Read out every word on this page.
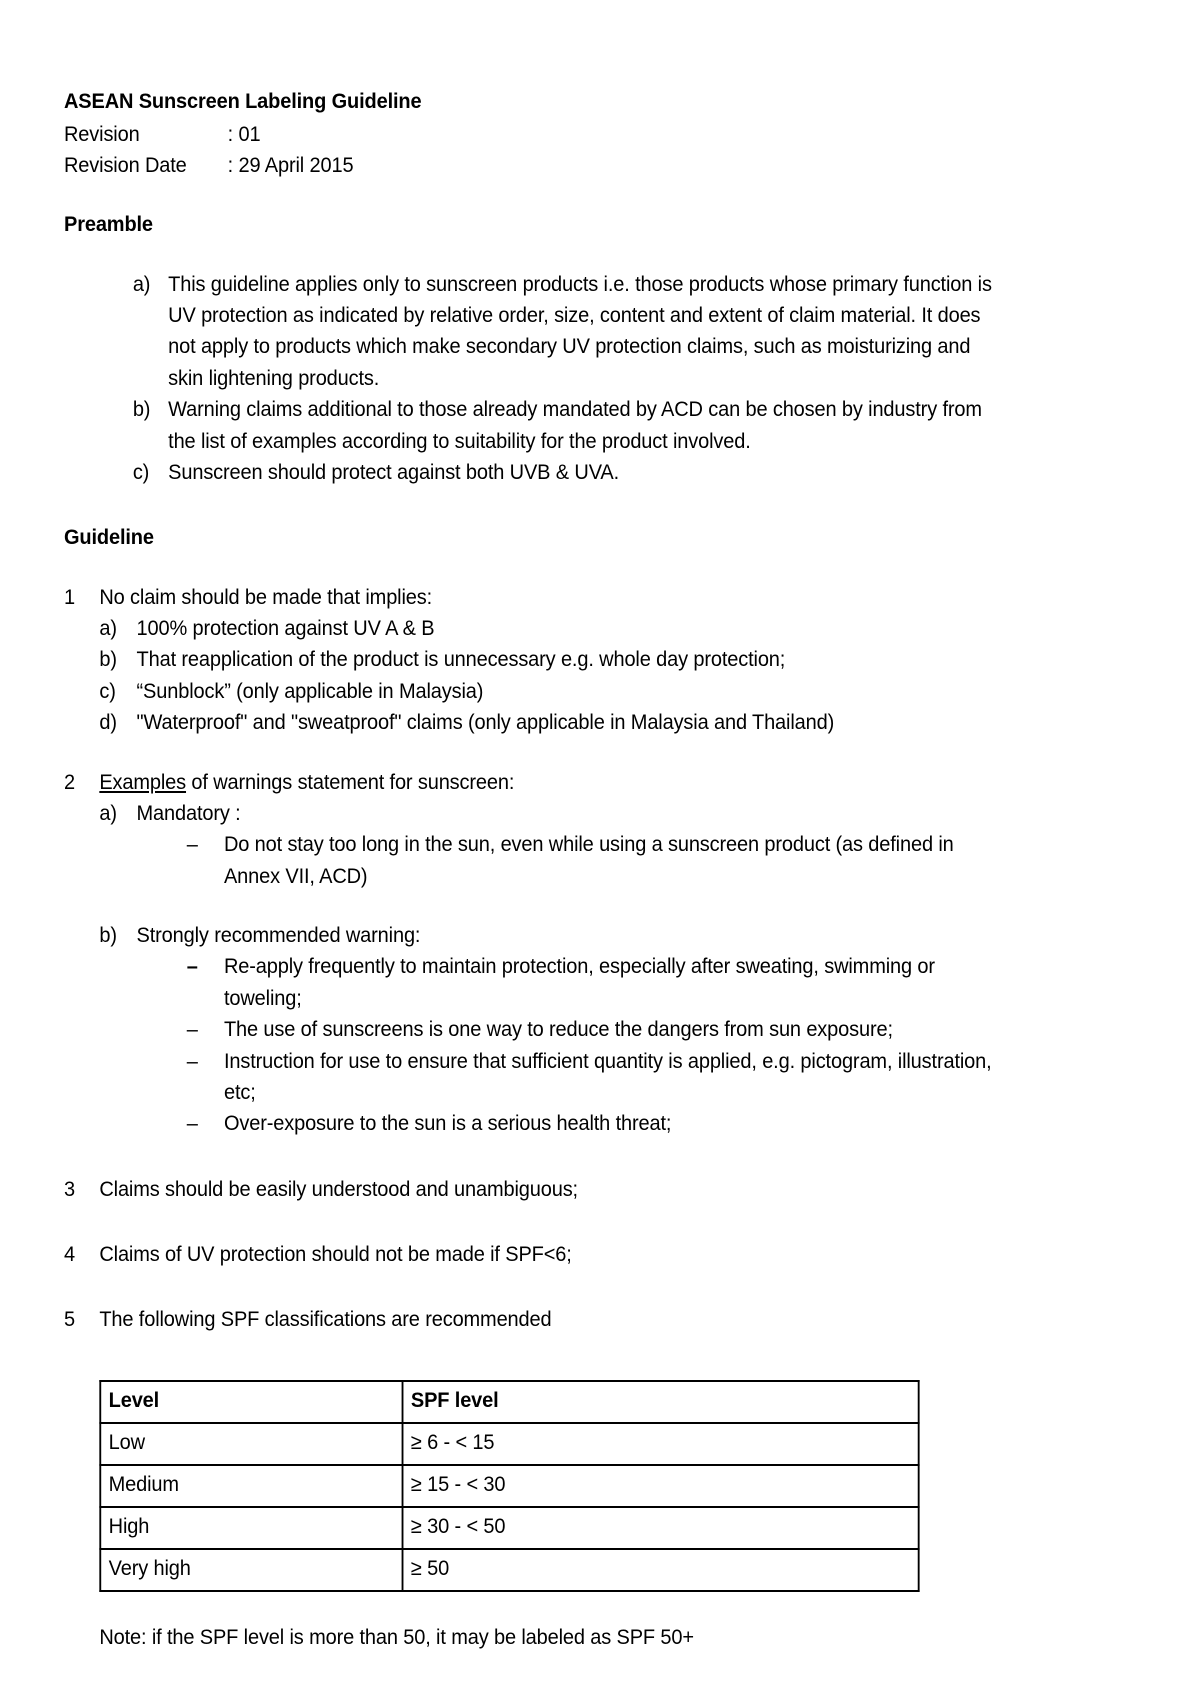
ASEAN Sunscreen Labeling Guideline
Revision	: 01
Revision Date	: 29 April 2015
Preamble
a) This guideline applies only to sunscreen products i.e. those products whose primary function is UV protection as indicated by relative order, size, content and extent of claim material. It does not apply to products which make secondary UV protection claims, such as moisturizing and skin lightening products.
b) Warning claims additional to those already mandated by ACD can be chosen by industry from the list of examples according to suitability for the product involved.
c) Sunscreen should protect against both UVB & UVA.
Guideline
1	No claim should be made that implies:
a) 100% protection against UV A & B
b) That reapplication of the product is unnecessary e.g. whole day protection;
c) “Sunblock” (only applicable in Malaysia)
d) "Waterproof" and "sweatproof" claims (only applicable in Malaysia and Thailand)
2	Examples of warnings statement for sunscreen:
a) Mandatory :
–	Do not stay too long in the sun, even while using a sunscreen product (as defined in Annex VII, ACD)
b) Strongly recommended warning:
–	Re-apply frequently to maintain protection, especially after sweating, swimming or toweling;
–	The use of sunscreens is one way to reduce the dangers from sun exposure;
–	Instruction for use to ensure that sufficient quantity is applied, e.g. pictogram, illustration, etc;
–	Over-exposure to the sun is a serious health threat;
3	Claims should be easily understood and unambiguous;
4	Claims of UV protection should not be made if SPF<6;
5	The following SPF classifications are recommended
Level	SPF level
Low	≥ 6 - < 15
Medium	≥ 15 - < 30
High	≥ 30 - < 50
Very high	≥ 50
Note: if the SPF level is more than 50, it may be labeled as SPF 50+
